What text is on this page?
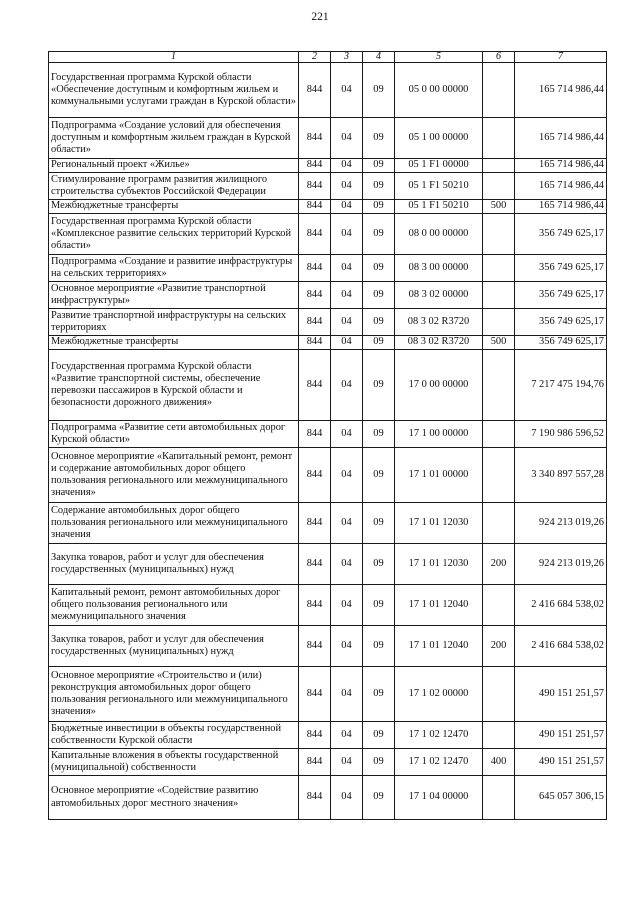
221
1	2	3	4	5	6	7
Государственная программа Курской области «Обеспечение доступным и комфортным жильем и коммунальными услугами граждан в Курской области»	844	04	09	05 0 00 00000		165 714 986,44
Подпрограмма «Создание условий для обеспечения доступным и комфортным жильем граждан в Курской области»	844	04	09	05 1 00 00000		165 714 986,44
Региональный проект «Жилье»	844	04	09	05 1 F1 00000		165 714 986,44
Стимулирование программ развития жилищного строительства субъектов Российской Федерации	844	04	09	05 1 F1 50210		165 714 986,44
Межбюджетные трансферты	844	04	09	05 1 F1 50210	500	165 714 986,44
Государственная программа Курской области «Комплексное развитие сельских территорий Курской области»	844	04	09	08 0 00 00000		356 749 625,17
Подпрограмма «Создание и развитие инфраструктуры на сельских территориях»	844	04	09	08 3 00 00000		356 749 625,17
Основное мероприятие «Развитие транспортной инфраструктуры»	844	04	09	08 3 02 00000		356 749 625,17
Развитие транспортной инфраструктуры на сельских территориях	844	04	09	08 3 02 R3720		356 749 625,17
Межбюджетные трансферты	844	04	09	08 3 02 R3720	500	356 749 625,17
Государственная программа Курской области «Развитие транспортной системы, обеспечение перевозки пассажиров в Курской области и безопасности дорожного движения»	844	04	09	17 0 00 00000		7 217 475 194,76
Подпрограмма «Развитие сети автомобильных дорог Курской области»	844	04	09	17 1 00 00000		7 190 986 596,52
Основное мероприятие «Капитальный ремонт, ремонт и содержание автомобильных дорог общего пользования регионального или межмуниципального значения»	844	04	09	17 1 01 00000		3 340 897 557,28
Содержание автомобильных дорог общего пользования регионального или межмуниципального значения	844	04	09	17 1 01 12030		924 213 019,26
Закупка товаров, работ и услуг для обеспечения государственных (муниципальных) нужд	844	04	09	17 1 01 12030	200	924 213 019,26
Капитальный ремонт, ремонт автомобильных дорог общего пользования регионального или межмуниципального значения	844	04	09	17 1 01 12040		2 416 684 538,02
Закупка товаров, работ и услуг для обеспечения государственных (муниципальных) нужд	844	04	09	17 1 01 12040	200	2 416 684 538,02
Основное мероприятие «Строительство и (или) реконструкция автомобильных дорог общего пользования регионального или межмуниципального значения»	844	04	09	17 1 02 00000		490 151 251,57
Бюджетные инвестиции в объекты государственной собственности Курской области	844	04	09	17 1 02 12470		490 151 251,57
Капитальные вложения в объекты государственной (муниципальной) собственности	844	04	09	17 1 02 12470	400	490 151 251,57
Основное мероприятие «Содействие развитию автомобильных дорог местного значения»	844	04	09	17 1 04 00000		645 057 306,15
